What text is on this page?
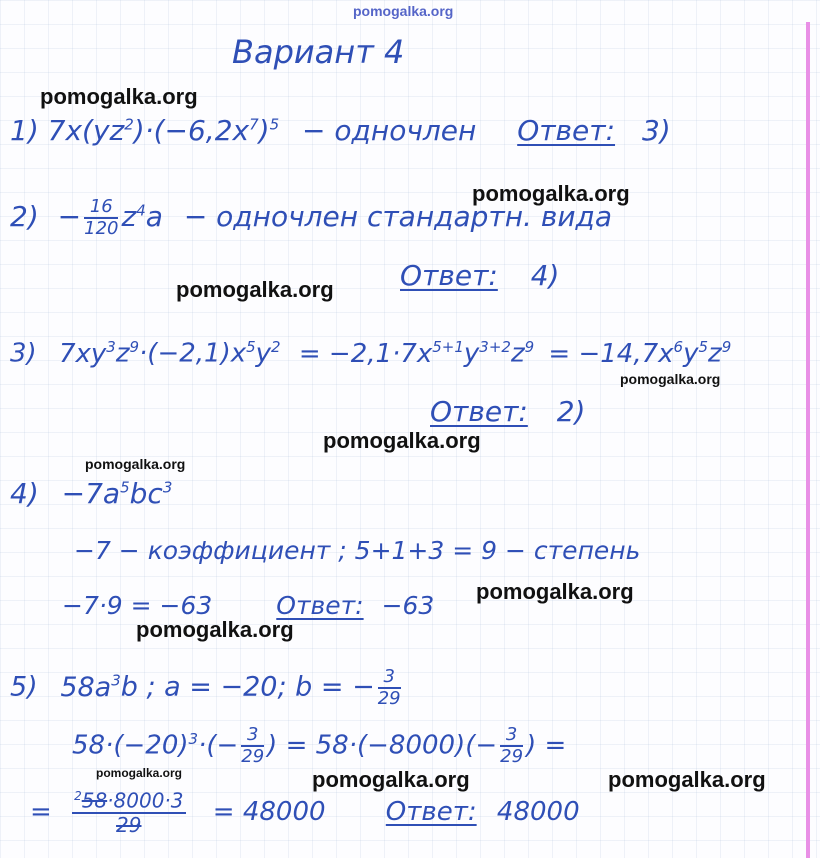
pomogalka.org
Вариант 4
1) $7x(yz^2)\cdot(-6,2x^7)^5$ − одночлен Ответ: 3)
$2) - \frac{16}{120} z^4a$ − одночлен стандартн. вида
Ответ: 4)
3) $7xy^3z^9\cdot(-2,1)x^5y^2 = -2,1\cdot 7x^{5+1}y^{3+2}z^9 = -14,7x^6y^5z^9$
Ответ: 2)
$4) -7a^5bc^3$
−7 − коэффициент ; 5+1+3 = 9 − степень
−7·9 = −63	Ответ: −63
5) $58a^3b$ ; a = −20; b = − $\frac{3}{29}$
$58\cdot(-20)^3\cdot(- \frac{3}{29}$ ) = $58\cdot(-8000)(- \frac{3}{29}$ ) =
= $\frac{^258\cdot 8000\cdot 3}{29} = 48000$ Ответ: 48000
pomogalka.org
pomogalka.org
pomogalka.org
pomogalka.org
pomogalka.org
pomogalka.org
pomogalka.org
pomogalka.org
pomogalka.org	pomogalka.org	pomogalka.org
